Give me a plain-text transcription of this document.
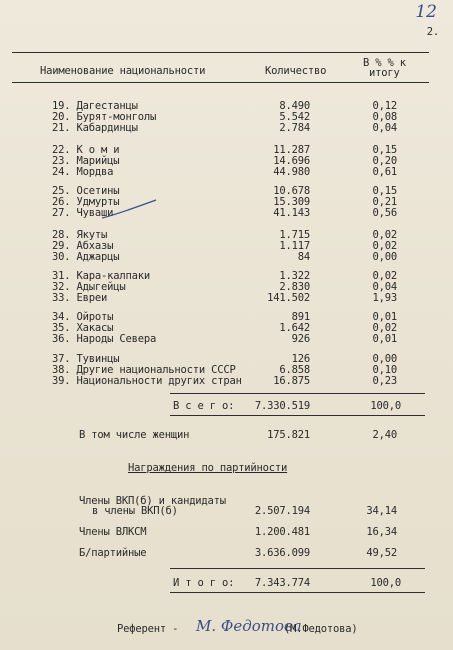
12
2.
Наименование национальности	Количество
В % % к
итогу
19. Дагестанцы	8.490	0,12
20. Бурят-монголы	5.542	0,08
21. Кабардинцы	2.784	0,04
22. К о м и	11.287	0,15
23. Марийцы	14.696	0,20
24. Мордва	44.980	0,61
25. Осетины	10.678	0,15
26. Удмурты	15.309	0,21
27. Чуваши	41.143	0,56
28. Якуты	1.715	0,02
29. Абхазы	1.117	0,02
30. Аджарцы	84	0,00
31. Кара-калпаки	1.322	0,02
32. Адыгейцы	2.830	0,04
33. Евреи	141.502	1,93
34. Ойроты	891	0,01
35. Хакасы	1.642	0,02
36. Народы Севера	926	0,01
37. Тувинцы	126	0,00
38. Другие национальности СССР	6.858	0,10
39. Национальности других стран	16.875	0,23
В с е г о: 7.330.519	100,0
В том числе женщин	175.821	2,40
Награждения по партийности
Члены ВКП(б) и кандидаты
в члены ВКП(б)	2.507.194	34,14
Члены ВЛКСМ	1.200.481	16,34
Б/партийные	3.636.099	49,52
И т о г о: 7.343.774	100,0
Референт - М. Федотова
(М.Федотова)
